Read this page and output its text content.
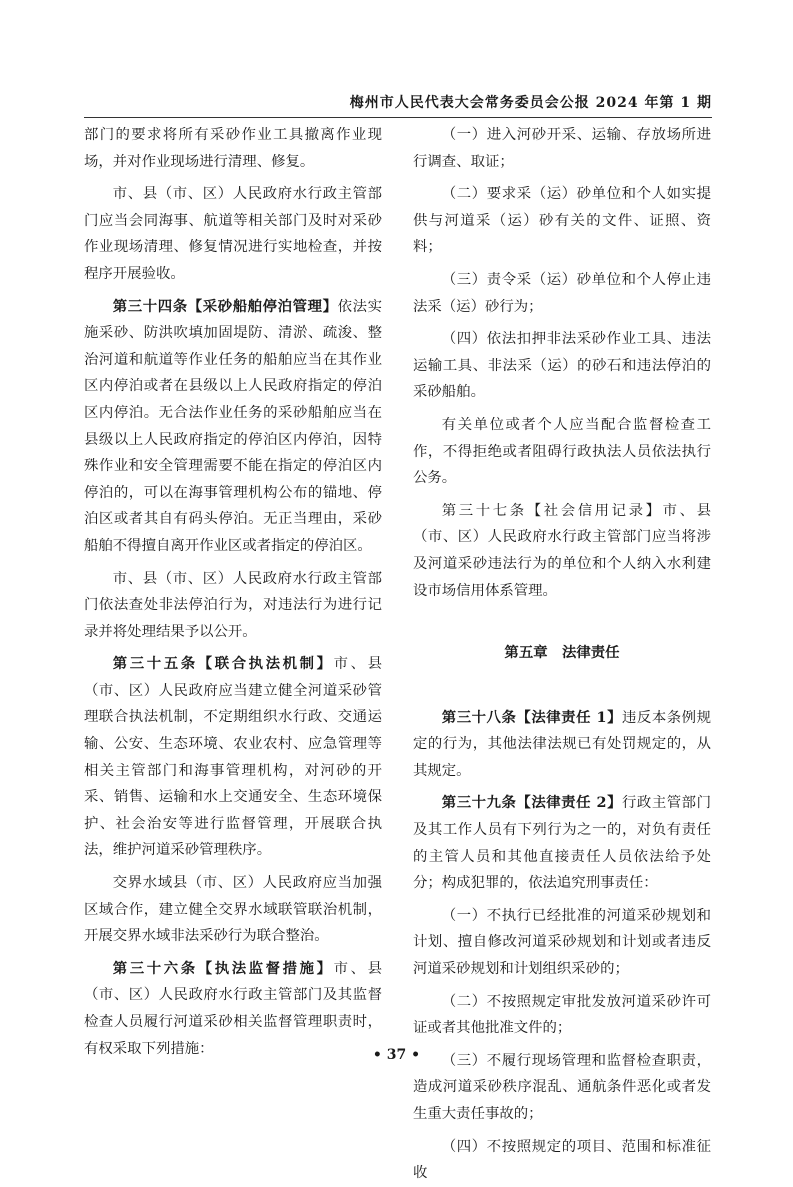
梅州市人民代表大会常务委员会公报 2024 年第 1 期

部门的要求将所有采砂作业工具撤离作业现场，并对作业现场进行清理、修复。

市、县（市、区）人民政府水行政主管部门应当会同海事、航道等相关部门及时对采砂作业现场清理、修复情况进行实地检查，并按程序开展验收。

第三十四条【采砂船舶停泊管理】依法实施采砂、防洪吹填加固堤防、清淤、疏浚、整治河道和航道等作业任务的船舶应当在其作业区内停泊或者在县级以上人民政府指定的停泊区内停泊。无合法作业任务的采砂船舶应当在县级以上人民政府指定的停泊区内停泊，因特殊作业和安全管理需要不能在指定的停泊区内停泊的，可以在海事管理机构公布的锚地、停泊区或者其自有码头停泊。无正当理由，采砂船舶不得擅自离开作业区或者指定的停泊区。

市、县（市、区）人民政府水行政主管部门依法查处非法停泊行为，对违法行为进行记录并将处理结果予以公开。

第三十五条【联合执法机制】市、县（市、区）人民政府应当建立健全河道采砂管理联合执法机制，不定期组织水行政、交通运输、公安、生态环境、农业农村、应急管理等相关主管部门和海事管理机构，对河砂的开采、销售、运输和水上交通安全、生态环境保护、社会治安等进行监督管理，开展联合执法，维护河道采砂管理秩序。

交界水域县（市、区）人民政府应当加强区域合作，建立健全交界水域联管联治机制，开展交界水域非法采砂行为联合整治。

第三十六条【执法监督措施】市、县（市、区）人民政府水行政主管部门及其监督检查人员履行河道采砂相关监督管理职责时，有权采取下列措施：

（一）进入河砂开采、运输、存放场所进行调查、取证；

（二）要求采（运）砂单位和个人如实提供与河道采（运）砂有关的文件、证照、资料；

（三）责令采（运）砂单位和个人停止违法采（运）砂行为；

（四）依法扣押非法采砂作业工具、违法运输工具、非法采（运）的砂石和违法停泊的采砂船舶。

有关单位或者个人应当配合监督检查工作，不得拒绝或者阻碍行政执法人员依法执行公务。

第三十七条【社会信用记录】市、县（市、区）人民政府水行政主管部门应当将涉及河道采砂违法行为的单位和个人纳入水利建设市场信用体系管理。

第五章　法律责任

第三十八条【法律责任 1】违反本条例规定的行为，其他法律法规已有处罚规定的，从其规定。

第三十九条【法律责任 2】行政主管部门及其工作人员有下列行为之一的，对负有责任的主管人员和其他直接责任人员依法给予处分；构成犯罪的，依法追究刑事责任：

（一）不执行已经批准的河道采砂规划和计划、擅自修改河道采砂规划和计划或者违反河道采砂规划和计划组织采砂的；

（二）不按照规定审批发放河道采砂许可证或者其他批准文件的；

（三）不履行现场管理和监督检查职责，造成河道采砂秩序混乱、通航条件恶化或者发生重大责任事故的；

（四）不按照规定的项目、范围和标准征收

• 37 •
